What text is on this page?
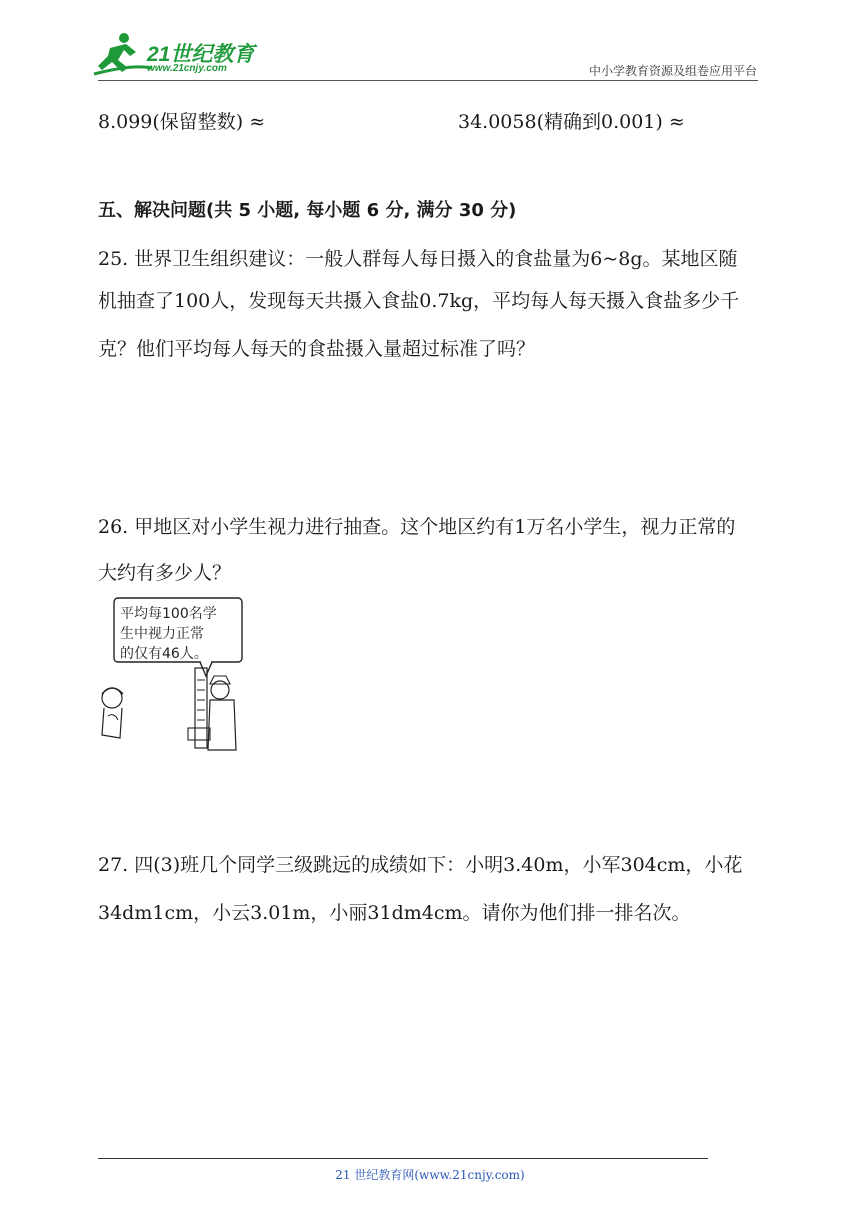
21世纪教育
www.21cnjy.com	中小学教育资源及组卷应用平台
8.099(保留整数) ≈	34.0058(精确到0.001) ≈
五、解决问题(共 5 小题, 每小题 6 分, 满分 30 分)
25. 世界卫生组织建议：一般人群每人每日摄入的食盐量为6~8g。某地区随
机抽查了100人，发现每天共摄入食盐0.7kg，平均每人每天摄入食盐多少千
克？他们平均每人每天的食盐摄入量超过标准了吗？
26. 甲地区对小学生视力进行抽查。这个地区约有1万名小学生，视力正常的
大约有多少人？
平均每100名学
生中视力正常
的仅有46人。
27. 四(3)班几个同学三级跳远的成绩如下：小明3.40m，小军304cm，小花
34dm1cm，小云3.01m，小丽31dm4cm。请你为他们排一排名次。
21 世纪教育网(www.21cnjy.com)
